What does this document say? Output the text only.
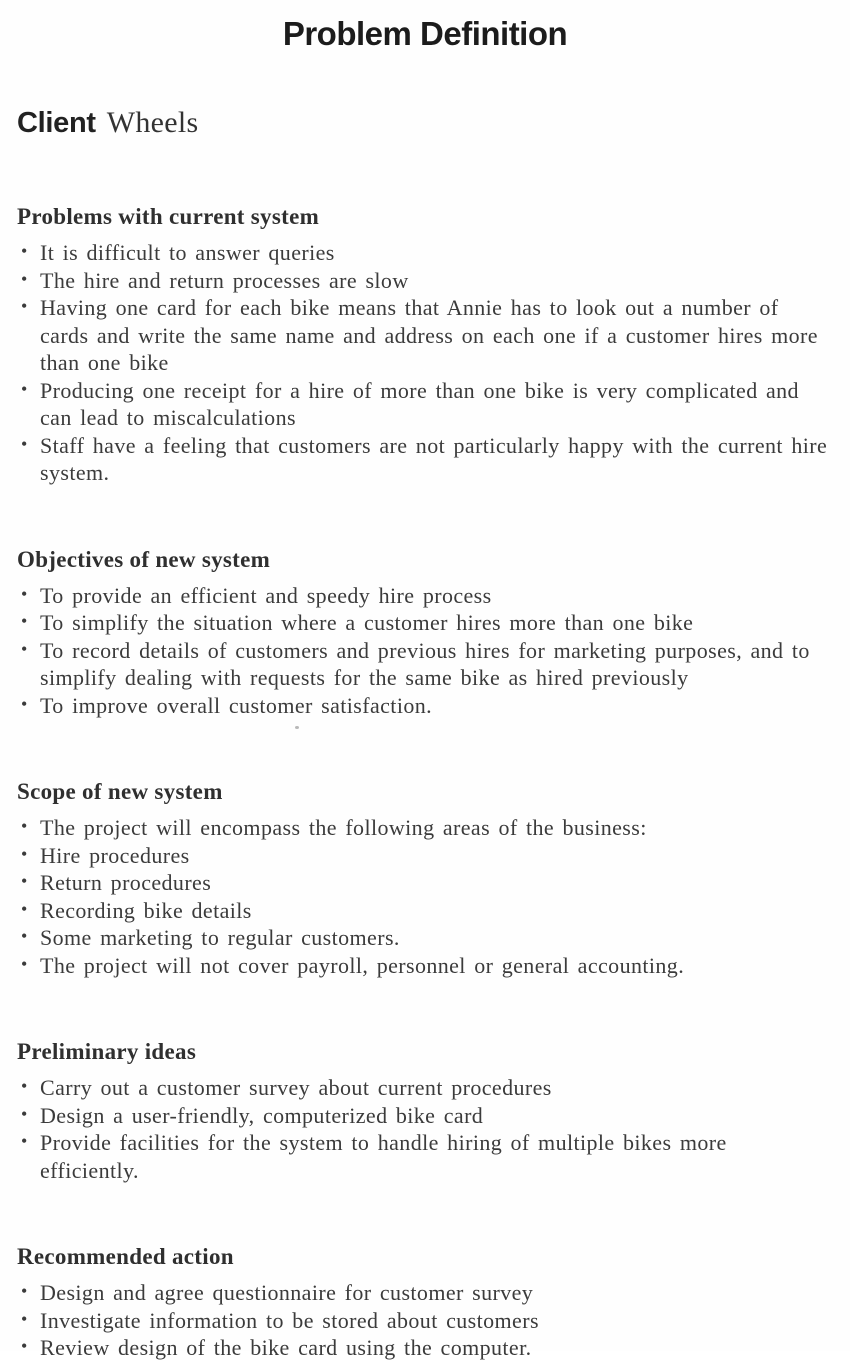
Problem Definition
Client Wheels
Problems with current system
• It is difficult to answer queries
• The hire and return processes are slow
• Having one card for each bike means that Annie has to look out a number of cards and write the same name and address on each one if a customer hires more than one bike
• Producing one receipt for a hire of more than one bike is very complicated and can lead to miscalculations
• Staff have a feeling that customers are not particularly happy with the current hire system.
Objectives of new system
• To provide an efficient and speedy hire process
• To simplify the situation where a customer hires more than one bike
• To record details of customers and previous hires for marketing purposes, and to simplify dealing with requests for the same bike as hired previously
• To improve overall customer satisfaction.
Scope of new system
• The project will encompass the following areas of the business:
• Hire procedures
• Return procedures
• Recording bike details
• Some marketing to regular customers.
• The project will not cover payroll, personnel or general accounting.
Preliminary ideas
• Carry out a customer survey about current procedures
• Design a user-friendly, computerized bike card
• Provide facilities for the system to handle hiring of multiple bikes more efficiently.
Recommended action
• Design and agree questionnaire for customer survey
• Investigate information to be stored about customers
• Review design of the bike card using the computer.
